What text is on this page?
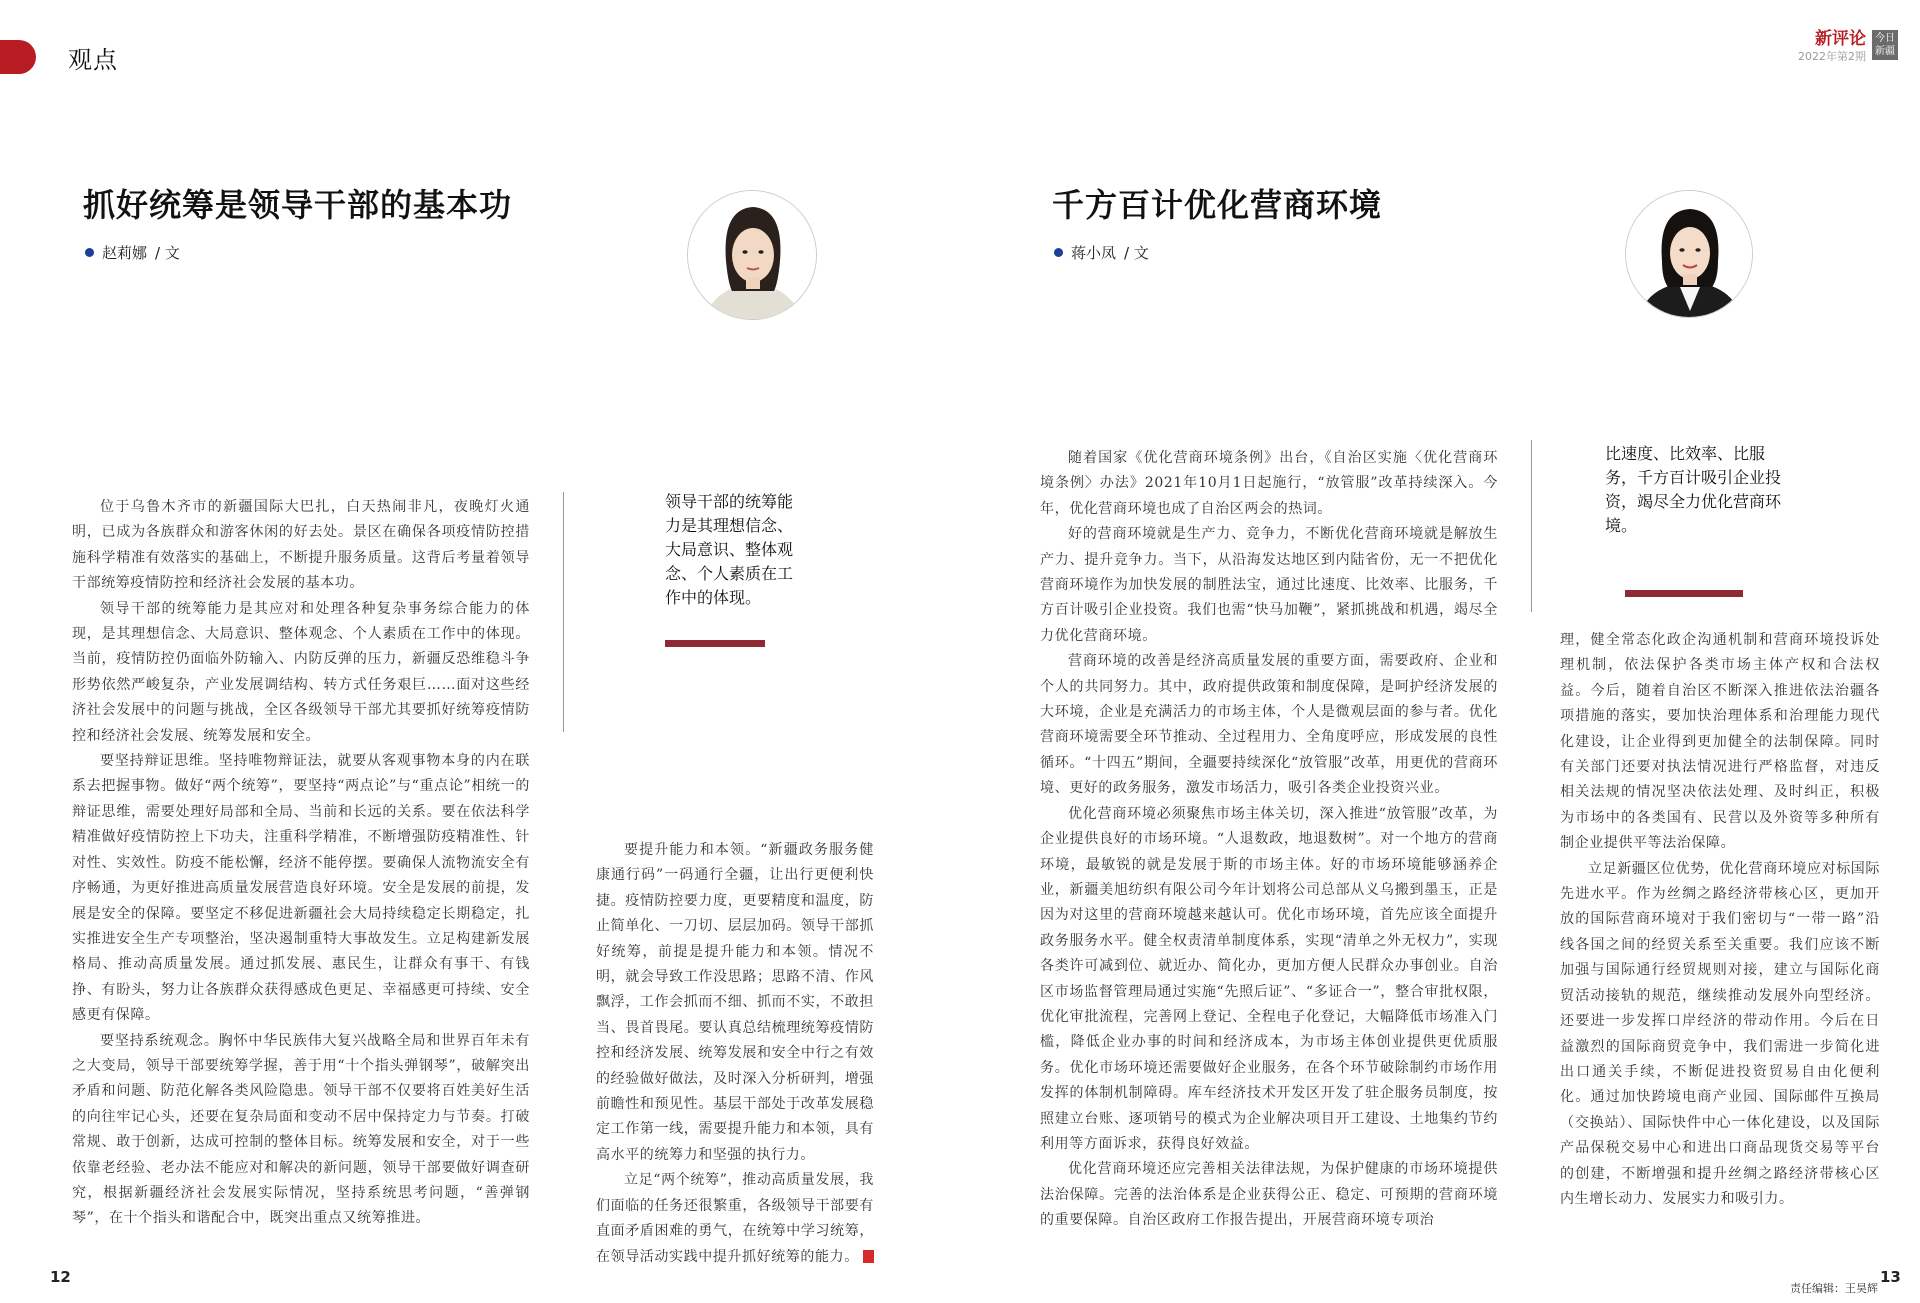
观点
新评论
2022年第2期
今日新疆
抓好统筹是领导干部的基本功
赵莉娜 / 文
千方百计优化营商环境
蒋小凤 / 文

位于乌鲁木齐市的新疆国际大巴扎，白天热闹非凡，夜晚灯火通明，已成为各族群众和游客休闲的好去处。景区在确保各项疫情防控措施科学精准有效落实的基础上，不断提升服务质量。这背后考量着领导干部统筹疫情防控和经济社会发展的基本功。

领导干部的统筹能力是其应对和处理各种复杂事务综合能力的体现，是其理想信念、大局意识、整体观念、个人素质在工作中的体现。当前，疫情防控仍面临外防输入、内防反弹的压力，新疆反恐维稳斗争形势依然严峻复杂，产业发展调结构、转方式任务艰巨……面对这些经济社会发展中的问题与挑战，全区各级领导干部尤其要抓好统筹疫情防控和经济社会发展、统筹发展和安全。

要坚持辩证思维。坚持唯物辩证法，就要从客观事物本身的内在联系去把握事物。做好“两个统筹”，要坚持“两点论”与“重点论”相统一的辩证思维，需要处理好局部和全局、当前和长远的关系。要在依法科学精准做好疫情防控上下功夫，注重科学精准，不断增强防疫精准性、针对性、实效性。防疫不能松懈，经济不能停摆。要确保人流物流安全有序畅通，为更好推进高质量发展营造良好环境。安全是发展的前提，发展是安全的保障。要坚定不移促进新疆社会大局持续稳定长期稳定，扎实推进安全生产专项整治，坚决遏制重特大事故发生。立足构建新发展格局、推动高质量发展。通过抓发展、惠民生，让群众有事干、有钱挣、有盼头，努力让各族群众获得感成色更足、幸福感更可持续、安全感更有保障。

要坚持系统观念。胸怀中华民族伟大复兴战略全局和世界百年未有之大变局，领导干部要统筹学握，善于用“十个指头弹钢琴”，破解突出矛盾和问题、防范化解各类风险隐患。领导干部不仅要将百姓美好生活的向往牢记心头，还要在复杂局面和变动不居中保持定力与节奏。打破常规、敢于创新，达成可控制的整体目标。统筹发展和安全，对于一些依靠老经验、老办法不能应对和解决的新问题，领导干部要做好调查研究，根据新疆经济社会发展实际情况，坚持系统思考问题，“善弹钢琴”，在十个指头和谐配合中，既突出重点又统筹推进。

领导干部的统筹能力是其理想信念、大局意识、整体观念、个人素质在工作中的体现。

要提升能力和本领。“新疆政务服务健康通行码”一码通行全疆，让出行更便利快捷。疫情防控要力度，更要精度和温度，防止简单化、一刀切、层层加码。领导干部抓好统筹，前提是提升能力和本领。情况不明，就会导致工作没思路；思路不清、作风飘浮，工作会抓而不细、抓而不实，不敢担当、畏首畏尾。要认真总结梳理统筹疫情防控和经济发展、统筹发展和安全中行之有效的经验做好做法，及时深入分析研判，增强前瞻性和预见性。基层干部处于改革发展稳定工作第一线，需要提升能力和本领，具有高水平的统筹力和坚强的执行力。

立足“两个统筹”，推动高质量发展，我们面临的任务还很繁重，各级领导干部要有直面矛盾困难的勇气，在统筹中学习统筹，在领导活动实践中提升抓好统筹的能力。

随着国家《优化营商环境条例》出台，《自治区实施〈优化营商环境条例〉办法》2021年10月1日起施行，“放管服”改革持续深入。今年，优化营商环境也成了自治区两会的热词。

好的营商环境就是生产力、竞争力，不断优化营商环境就是解放生产力、提升竞争力。当下，从沿海发达地区到内陆省份，无一不把优化营商环境作为加快发展的制胜法宝，通过比速度、比效率、比服务，千方百计吸引企业投资。我们也需“快马加鞭”，紧抓挑战和机遇，竭尽全力优化营商环境。

营商环境的改善是经济高质量发展的重要方面，需要政府、企业和个人的共同努力。其中，政府提供政策和制度保障，是呵护经济发展的大环境，企业是充满活力的市场主体，个人是微观层面的参与者。优化营商环境需要全环节推动、全过程用力、全角度呼应，形成发展的良性循环。“十四五”期间，全疆要持续深化“放管服”改革，用更优的营商环境、更好的政务服务，激发市场活力，吸引各类企业投资兴业。

优化营商环境必须聚焦市场主体关切，深入推进“放管服”改革，为企业提供良好的市场环境。“人退数政，地退数树”。对一个地方的营商环境，最敏锐的就是发展于斯的市场主体。好的市场环境能够涵养企业，新疆美旭纺织有限公司今年计划将公司总部从义乌搬到墨玉，正是因为对这里的营商环境越来越认可。优化市场环境，首先应该全面提升政务服务水平。健全权责清单制度体系，实现“清单之外无权力”，实现各类许可减到位、就近办、简化办，更加方便人民群众办事创业。自治区市场监督管理局通过实施“先照后证”、“多证合一”，整合审批权限，优化审批流程，完善网上登记、全程电子化登记，大幅降低市场准入门槛，降低企业办事的时间和经济成本，为市场主体创业提供更优质服务。优化市场环境还需要做好企业服务，在各个环节破除制约市场作用发挥的体制机制障碍。库车经济技术开发区开发了驻企服务员制度，按照建立台账、逐项销号的模式为企业解决项目开工建设、土地集约节约利用等方面诉求，获得良好效益。

优化营商环境还应完善相关法律法规，为保护健康的市场环境提供法治保障。完善的法治体系是企业获得公正、稳定、可预期的营商环境的重要保障。自治区政府工作报告提出，开展营商环境专项治

比速度、比效率、比服务，千方百计吸引企业投资，竭尽全力优化营商环境。

理，健全常态化政企沟通机制和营商环境投诉处理机制，依法保护各类市场主体产权和合法权益。今后，随着自治区不断深入推进依法治疆各项措施的落实，要加快治理体系和治理能力现代化建设，让企业得到更加健全的法制保障。同时有关部门还要对执法情况进行严格监督，对违反相关法规的情况坚决依法处理、及时纠正，积极为市场中的各类国有、民营以及外资等多种所有制企业提供平等法治保障。

立足新疆区位优势，优化营商环境应对标国际先进水平。作为丝绸之路经济带核心区，更加开放的国际营商环境对于我们密切与“一带一路”沿线各国之间的经贸关系至关重要。我们应该不断加强与国际通行经贸规则对接，建立与国际化商贸活动接轨的规范，继续推动发展外向型经济。还要进一步发挥口岸经济的带动作用。今后在日益激烈的国际商贸竞争中，我们需进一步简化进出口通关手续，不断促进投资贸易自由化便利化。通过加快跨境电商产业园、国际邮件互换局（交换站）、国际快件中心一体化建设，以及国际产品保税交易中心和进出口商品现货交易等平台的创建，不断增强和提升丝绸之路经济带核心区内生增长动力、发展实力和吸引力。

12
责任编辑：王昊辉
13
